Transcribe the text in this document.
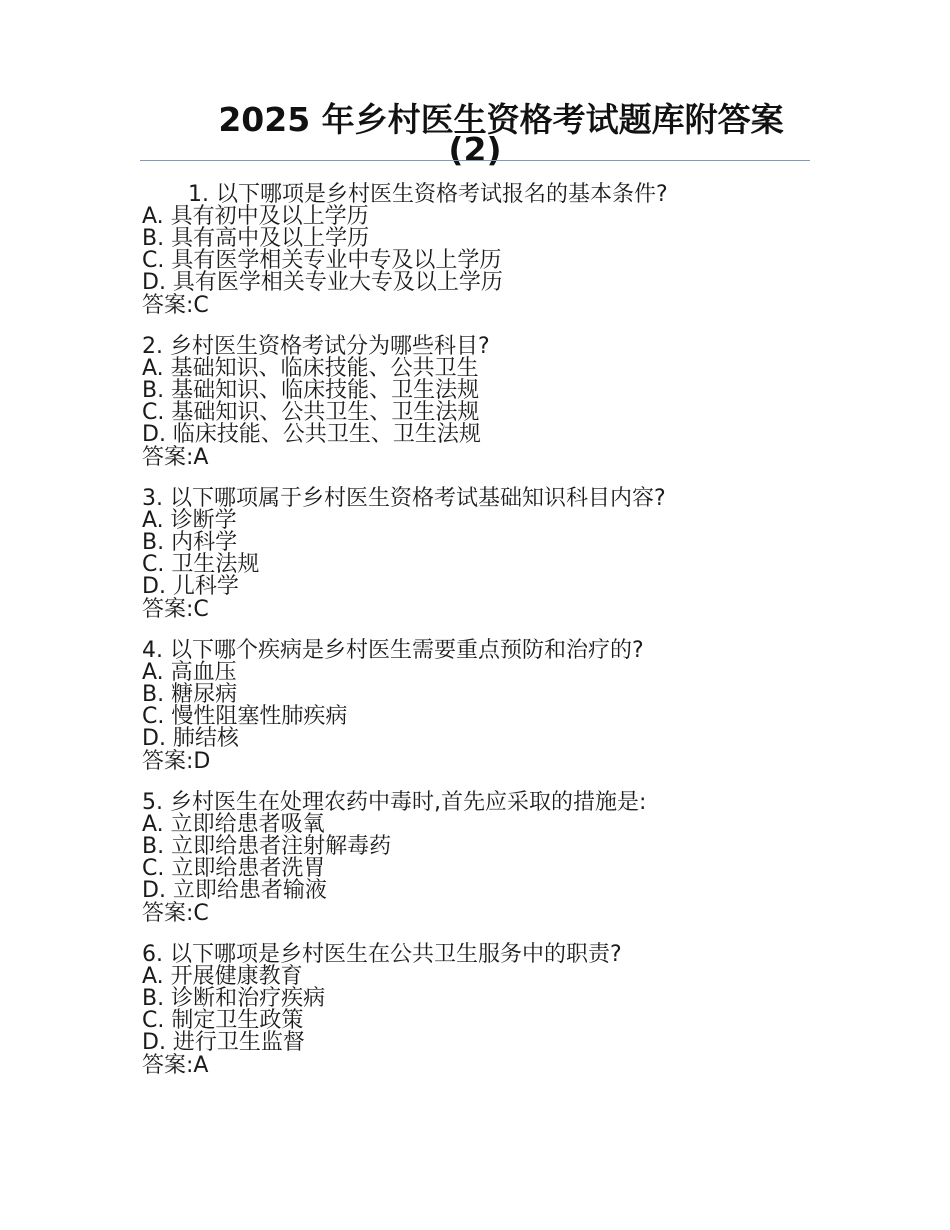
2025 年乡村医生资格考试题库附答案
(2)
1. 以下哪项是乡村医生资格考试报名的基本条件?
A. 具有初中及以上学历
B. 具有高中及以上学历
C. 具有医学相关专业中专及以上学历
D. 具有医学相关专业大专及以上学历
答案:C
2. 乡村医生资格考试分为哪些科目?
A. 基础知识、临床技能、公共卫生
B. 基础知识、临床技能、卫生法规
C. 基础知识、公共卫生、卫生法规
D. 临床技能、公共卫生、卫生法规
答案:A
3. 以下哪项属于乡村医生资格考试基础知识科目内容?
A. 诊断学
B. 内科学
C. 卫生法规
D. 儿科学
答案:C
4. 以下哪个疾病是乡村医生需要重点预防和治疗的?
A. 高血压
B. 糖尿病
C. 慢性阻塞性肺疾病
D. 肺结核
答案:D
5. 乡村医生在处理农药中毒时,首先应采取的措施是:
A. 立即给患者吸氧
B. 立即给患者注射解毒药
C. 立即给患者洗胃
D. 立即给患者输液
答案:C
6. 以下哪项是乡村医生在公共卫生服务中的职责?
A. 开展健康教育
B. 诊断和治疗疾病
C. 制定卫生政策
D. 进行卫生监督
答案:A
